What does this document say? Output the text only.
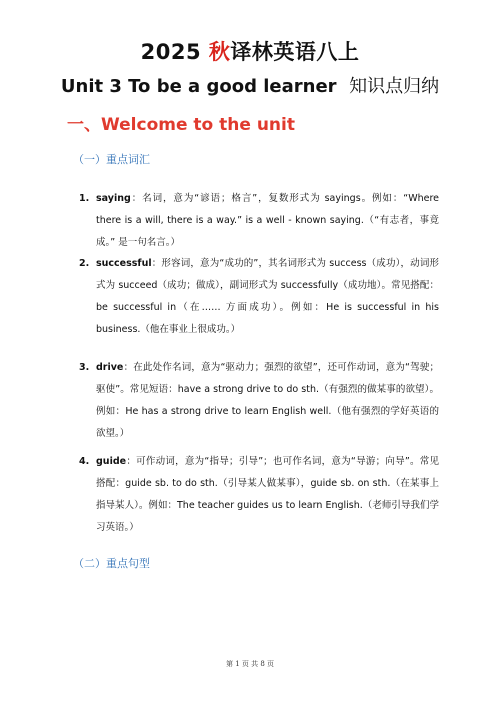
2025 秋译林英语八上
Unit 3 To be a good learner 知识点归纳
一、Welcome to the unit
（一）重点词汇
1. saying：名词，意为“谚语；格言”，复数形式为 sayings。例如：“Where there is a will, there is a way.” is a well - known saying.（“有志者，事竟成。” 是一句名言。）
2. successful：形容词，意为“成功的”，其名词形式为 success（成功），动词形式为 succeed（成功；做成），副词形式为 successfully（成功地）。常见搭配：be successful in（在…… 方面成功）。例如：He is successful in his business.（他在事业上很成功。）
3. drive：在此处作名词，意为“驱动力；强烈的欲望”，还可作动词，意为“驾驶；驱使”。常见短语：have a strong drive to do sth.（有强烈的做某事的欲望）。例如：He has a strong drive to learn English well.（他有强烈的学好英语的欲望。）
4. guide：可作动词，意为“指导；引导”；也可作名词，意为“导游；向导”。常见搭配：guide sb. to do sth.（引导某人做某事），guide sb. on sth.（在某事上指导某人）。例如：The teacher guides us to learn English.（老师引导我们学习英语。）
（二）重点句型
第 1 页 共 8 页
